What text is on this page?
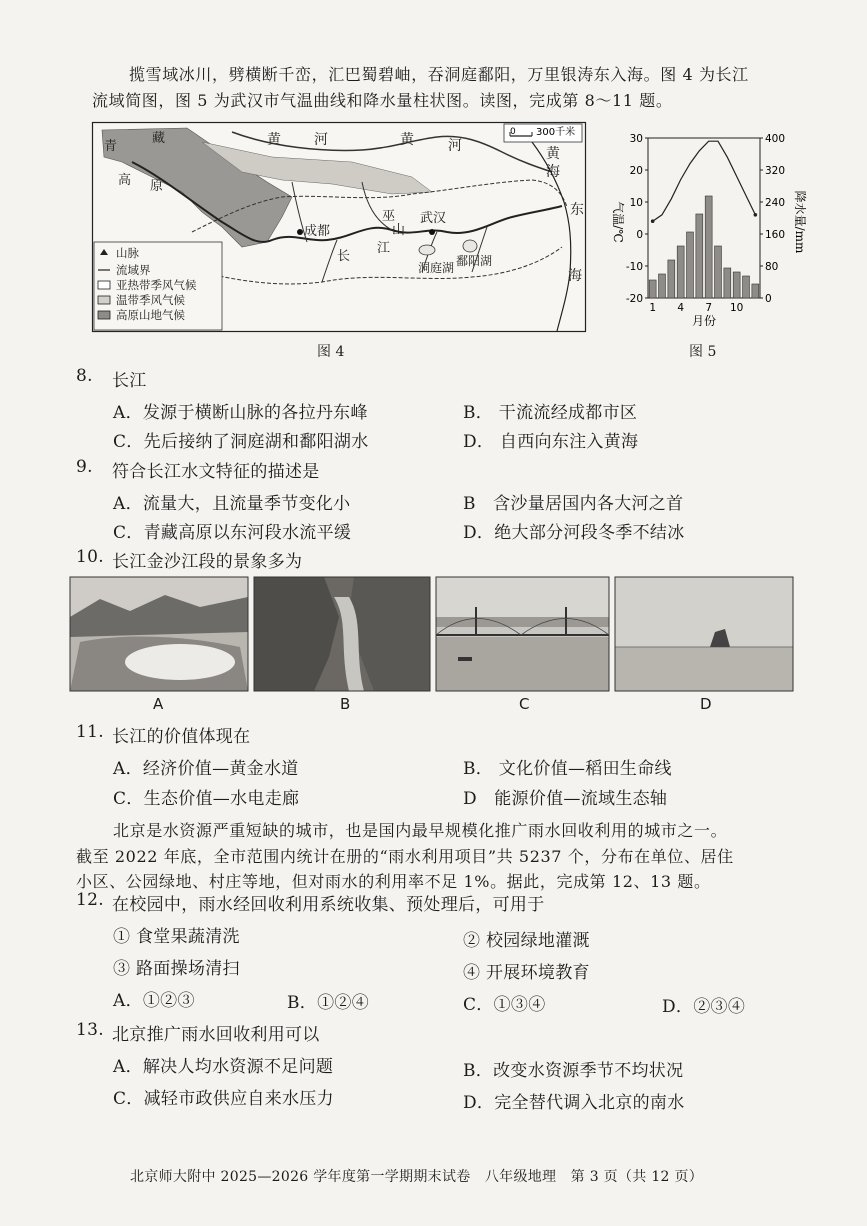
揽雪域冰川，劈横断千峦，汇巴蜀碧岫，吞洞庭鄱阳，万里银涛东入海。图 4 为长江
流域简图，图 5 为武汉市气温曲线和降水量柱状图。读图，完成第 8～11 题。
0 300千米
黄 河	黄 河	黄
海
东
海
青
藏
高 原
成都
巫
山
武汉
长
江
洞庭湖 鄱阳湖
山脉
流域界
亚热带季风气候
温带季风气候
高原山地气候
图 4
30
20
10
0
-10
-20
400
320
240
160
80
0
1 4 7 10
月份
气温/℃	降水量/mm
图 5
8. 长江
A．发源于横断山脉的各拉丹东峰	B． 干流流经成都市区
C．先后接纳了洞庭湖和鄱阳湖水	D． 自西向东注入黄海
9. 符合长江水文特征的描述是
A．流量大，且流量季节变化小	B　含沙量居国内各大河之首
C．青藏高原以东河段水流平缓	D．绝大部分河段冬季不结冰
10. 长江金沙江段的景象多为
A	B	C	D
11. 长江的价值体现在
A．经济价值—黄金水道	B． 文化价值—稻田生命线
C．生态价值—水电走廊	D　能源价值—流域生态轴
北京是水资源严重短缺的城市，也是国内最早规模化推广雨水回收利用的城市之一。
截至 2022 年底，全市范围内统计在册的“雨水利用项目”共 5237 个，分布在单位、居住
小区、公园绿地、村庄等地，但对雨水的利用率不足 1%。据此，完成第 12、13 题。
12. 在校园中，雨水经回收利用系统收集、预处理后，可用于
① 食堂果蔬清洗	② 校园绿地灌溉
③ 路面操场清扫	④ 开展环境教育
A．①②③	B．①②④	C．①③④	D．②③④
13. 北京推广雨水回收利用可以
A．解决人均水资源不足问题	B．改变水资源季节不均状况
C．减轻市政供应自来水压力	D．完全替代调入北京的南水
北京师大附中 2025—2026 学年度第一学期期末试卷　八年级地理　第 3 页（共 12 页）
